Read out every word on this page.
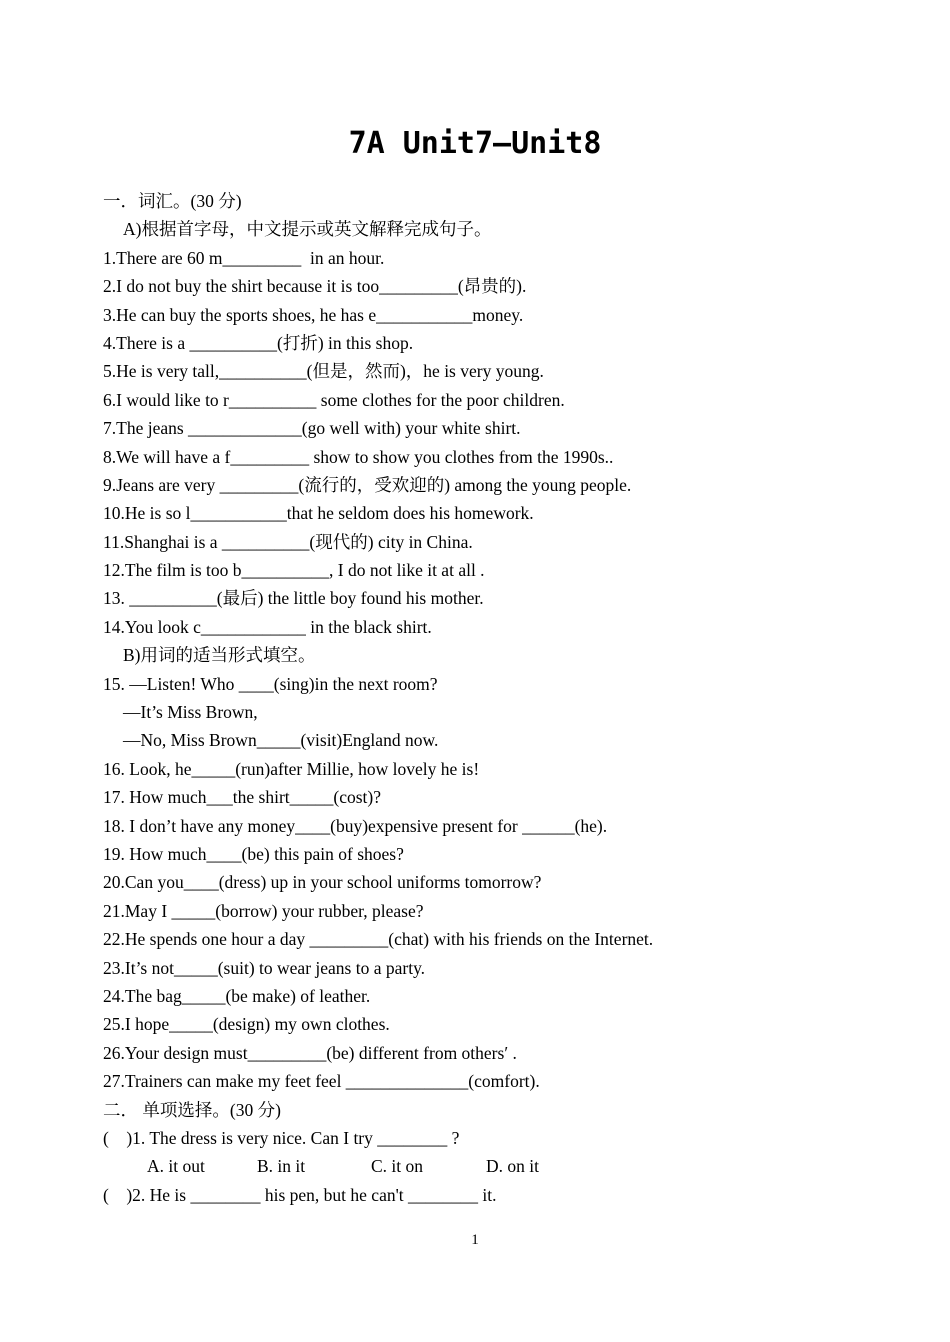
7A Unit7—Unit8
一．词汇。(30 分)
A)根据首字母，中文提示或英文解释完成句子。
1.There are 60 m_________  in an hour.
2.I do not buy the shirt because it is too_________(昂贵的).
3.He can buy the sports shoes, he has e___________money.
4.There is a __________(打折) in this shop.
5.He is very tall,__________(但是，然而)，he is very young.
6.I would like to r__________ some clothes for the poor children.
7.The jeans _____________(go well with) your white shirt.
8.We will have a f_________ show to show you clothes from the 1990s..
9.Jeans are very _________(流行的，受欢迎的) among the young people.
10.He is so l___________that he seldom does his homework.
11.Shanghai is a __________(现代的) city in China.
12.The film is too b__________, I do not like it at all .
13. __________(最后) the little boy found his mother.
14.You look c____________ in the black shirt.
B)用词的适当形式填空。
15. —Listen! Who ____(sing)in the next room?
—It’s Miss Brown,
—No, Miss Brown_____(visit)England now.
16. Look, he_____(run)after Millie, how lovely he is!
17. How much___the shirt_____(cost)?
18. I don’t have any money____(buy)expensive present for ______(he).
19. How much____(be) this pain of shoes?
20.Can you____(dress) up in your school uniforms tomorrow?
21.May I _____(borrow) your rubber, please?
22.He spends one hour a day _________(chat) with his friends on the Internet.
23.It’s not_____(suit) to wear jeans to a party.
24.The bag_____(be make) of leather.
25.I hope_____(design) my own clothes.
26.Your design must_________(be) different from others′ .
27.Trainers can make my feet feel ______________(comfort).
二． 单项选择。(30 分)
(    )1. The dress is very nice. Can I try ________ ?
A. it out	B. in it	C. it on	D. on it
(    )2. He is ________ his pen, but he can't ________ it.
1
